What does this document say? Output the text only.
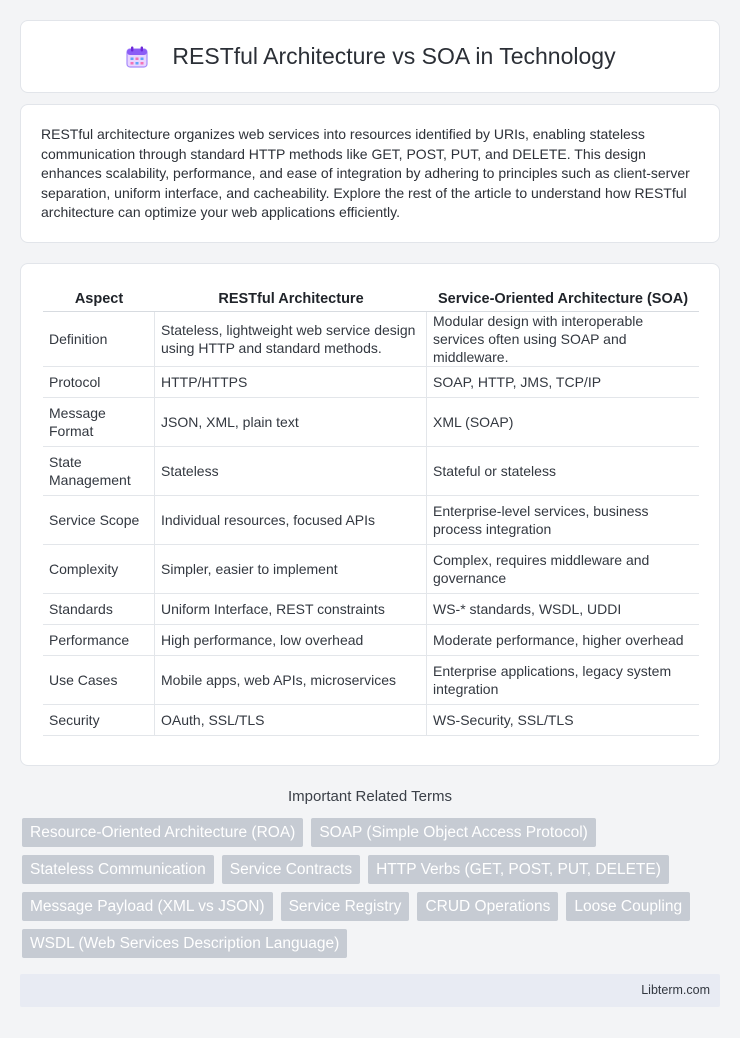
RESTful Architecture vs SOA in Technology

RESTful architecture organizes web services into resources identified by URIs, enabling stateless communication through standard HTTP methods like GET, POST, PUT, and DELETE. This design enhances scalability, performance, and ease of integration by adhering to principles such as client-server separation, uniform interface, and cacheability. Explore the rest of the article to understand how RESTful architecture can optimize your web applications efficiently.

Aspect	RESTful Architecture	Service-Oriented Architecture (SOA)
Definition	Stateless, lightweight web service design using HTTP and standard methods.	Modular design with interoperable services often using SOAP and middleware.
Protocol	HTTP/HTTPS	SOAP, HTTP, JMS, TCP/IP
Message Format	JSON, XML, plain text	XML (SOAP)
State Management	Stateless	Stateful or stateless
Service Scope	Individual resources, focused APIs	Enterprise-level services, business process integration
Complexity	Simpler, easier to implement	Complex, requires middleware and governance
Standards	Uniform Interface, REST constraints	WS-* standards, WSDL, UDDI
Performance	High performance, low overhead	Moderate performance, higher overhead
Use Cases	Mobile apps, web APIs, microservices	Enterprise applications, legacy system integration
Security	OAuth, SSL/TLS	WS-Security, SSL/TLS
Important Related Terms
Resource-Oriented Architecture (ROA)	SOAP (Simple Object Access Protocol)
Stateless Communication	Service Contracts	HTTP Verbs (GET, POST, PUT, DELETE)
Message Payload (XML vs JSON)	Service Registry	CRUD Operations	Loose Coupling
WSDL (Web Services Description Language)
Libterm.com
